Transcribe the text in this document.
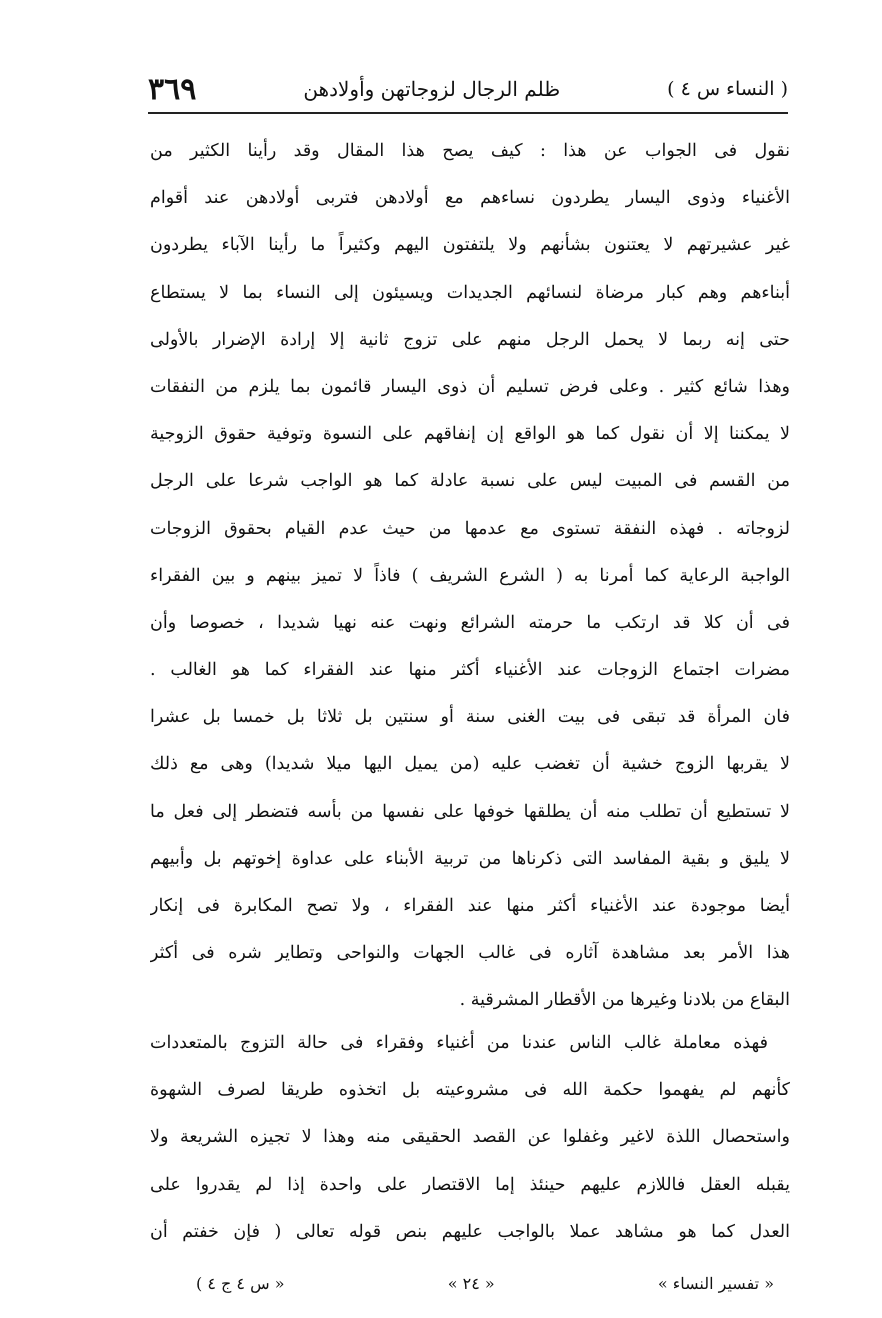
( النساء س ٤ )
ظلم الرجال لزوجاتهن وأولادهن
٣٦٩
نقول فى الجواب عن هذا : كيف يصح هذا المقال وقد رأينا الكثير من
الأغنياء وذوى اليسار يطردون نساءهم مع أولادهن فتربى أولادهن عند أقوام
غير عشيرتهم لا يعتنون بشأنهم ولا يلتفتون اليهم وكثيراً ما رأينا الآباء يطردون
أبناءهم وهم كبار مرضاة لنسائهم الجديدات ويسيئون إلى النساء بما لا يستطاع
حتى إنه ربما لا يحمل الرجل منهم على تزوج ثانية إلا إرادة الإضرار بالأولى
وهذا شائع كثير . وعلى فرض تسليم أن ذوى اليسار قائمون بما يلزم من النفقات
لا يمكننا إلا أن نقول كما هو الواقع إن إنفاقهم على النسوة وتوفية حقوق الزوجية
من القسم فى المبيت ليس على نسبة عادلة كما هو الواجب شرعا على الرجل
لزوجاته . فهذه النفقة تستوى مع عدمها من حيث عدم القيام بحقوق الزوجات
الواجبة الرعاية كما أمرنا به ( الشرع الشريف ) فاذاً لا تميز بينهم و بين الفقراء
فى أن كلا قد ارتكب ما حرمته الشرائع ونهت عنه نهيا شديدا ، خصوصا وأن
مضرات اجتماع الزوجات عند الأغنياء أكثر منها عند الفقراء كما هو الغالب .
فان المرأة قد تبقى فى بيت الغنى سنة أو سنتين بل ثلاثا بل خمسا بل عشرا
لا يقربها الزوج خشية أن تغضب عليه (من يميل اليها ميلا شديدا) وهى مع ذلك
لا تستطيع أن تطلب منه أن يطلقها خوفها على نفسها من بأسه فتضطر إلى فعل ما
لا يليق و بقية المفاسد التى ذكرناها من تربية الأبناء على عداوة إخوتهم بل وأبيهم
أيضا موجودة عند الأغنياء أكثر منها عند الفقراء ، ولا تصح المكابرة فى إنكار
هذا الأمر بعد مشاهدة آثاره فى غالب الجهات والنواحى وتطاير شره فى أكثر
البقاع من بلادنا وغيرها من الأقطار المشرقية .
فهذه معاملة غالب الناس عندنا من أغنياء وفقراء فى حالة التزوج بالمتعددات
كأنهم لم يفهموا حكمة الله فى مشروعيته بل اتخذوه طريقا لصرف الشهوة
واستحصال اللذة لاغير وغفلوا عن القصد الحقيقى منه وهذا لا تجيزه الشريعة ولا
يقبله العقل فاللازم عليهم حينئذ إما الاقتصار على واحدة إذا لم يقدروا على
العدل كما هو مشاهد عملا بالواجب عليهم بنص قوله تعالى ( فإن خفتم أن
« تفسير النساء »
« ٢٤ »
« س ٤ ج ٤ )
